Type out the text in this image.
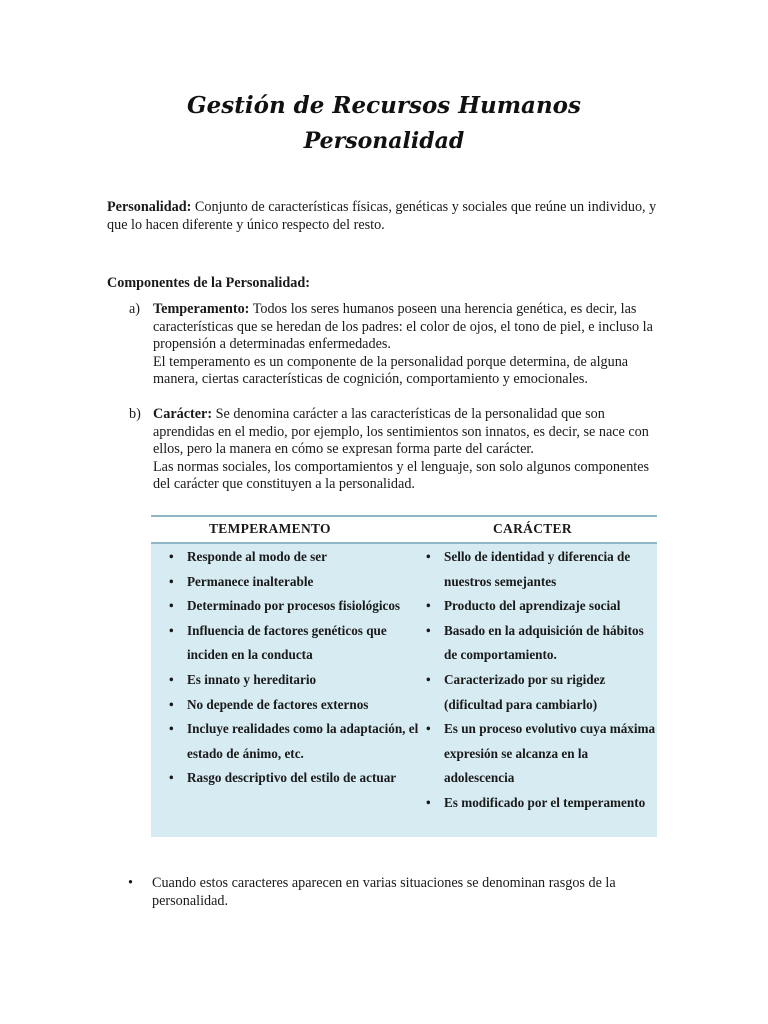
Gestión de Recursos Humanos
Personalidad
Personalidad: Conjunto de características físicas, genéticas y sociales que reúne un individuo, y que lo hacen diferente y único respecto del resto.
Componentes de la Personalidad:
a) Temperamento: Todos los seres humanos poseen una herencia genética, es decir, las características que se heredan de los padres: el color de ojos, el tono de piel, e incluso la propensión a determinadas enfermedades.
El temperamento es un componente de la personalidad porque determina, de alguna manera, ciertas características de cognición, comportamiento y emocionales.
b) Carácter: Se denomina carácter a las características de la personalidad que son aprendidas en el medio, por ejemplo, los sentimientos son innatos, es decir, se nace con ellos, pero la manera en cómo se expresan forma parte del carácter.
Las normas sociales, los comportamientos y el lenguaje, son solo algunos componentes del carácter que constituyen a la personalidad.
TEMPERAMENTO	CARÁCTER
• Responde al modo de ser
• Permanece inalterable
• Determinado por procesos fisiológicos
• Influencia de factores genéticos que inciden en la conducta
• Es innato y hereditario
• No depende de factores externos
• Incluye realidades como la adaptación, el estado de ánimo, etc.
• Rasgo descriptivo del estilo de actuar
• Sello de identidad y diferencia de nuestros semejantes
• Producto del aprendizaje social
• Basado en la adquisición de hábitos de comportamiento.
• Caracterizado por su rigidez (dificultad para cambiarlo)
• Es un proceso evolutivo cuya máxima expresión se alcanza en la adolescencia
• Es modificado por el temperamento
• Cuando estos caracteres aparecen en varias situaciones se denominan rasgos de la personalidad.
